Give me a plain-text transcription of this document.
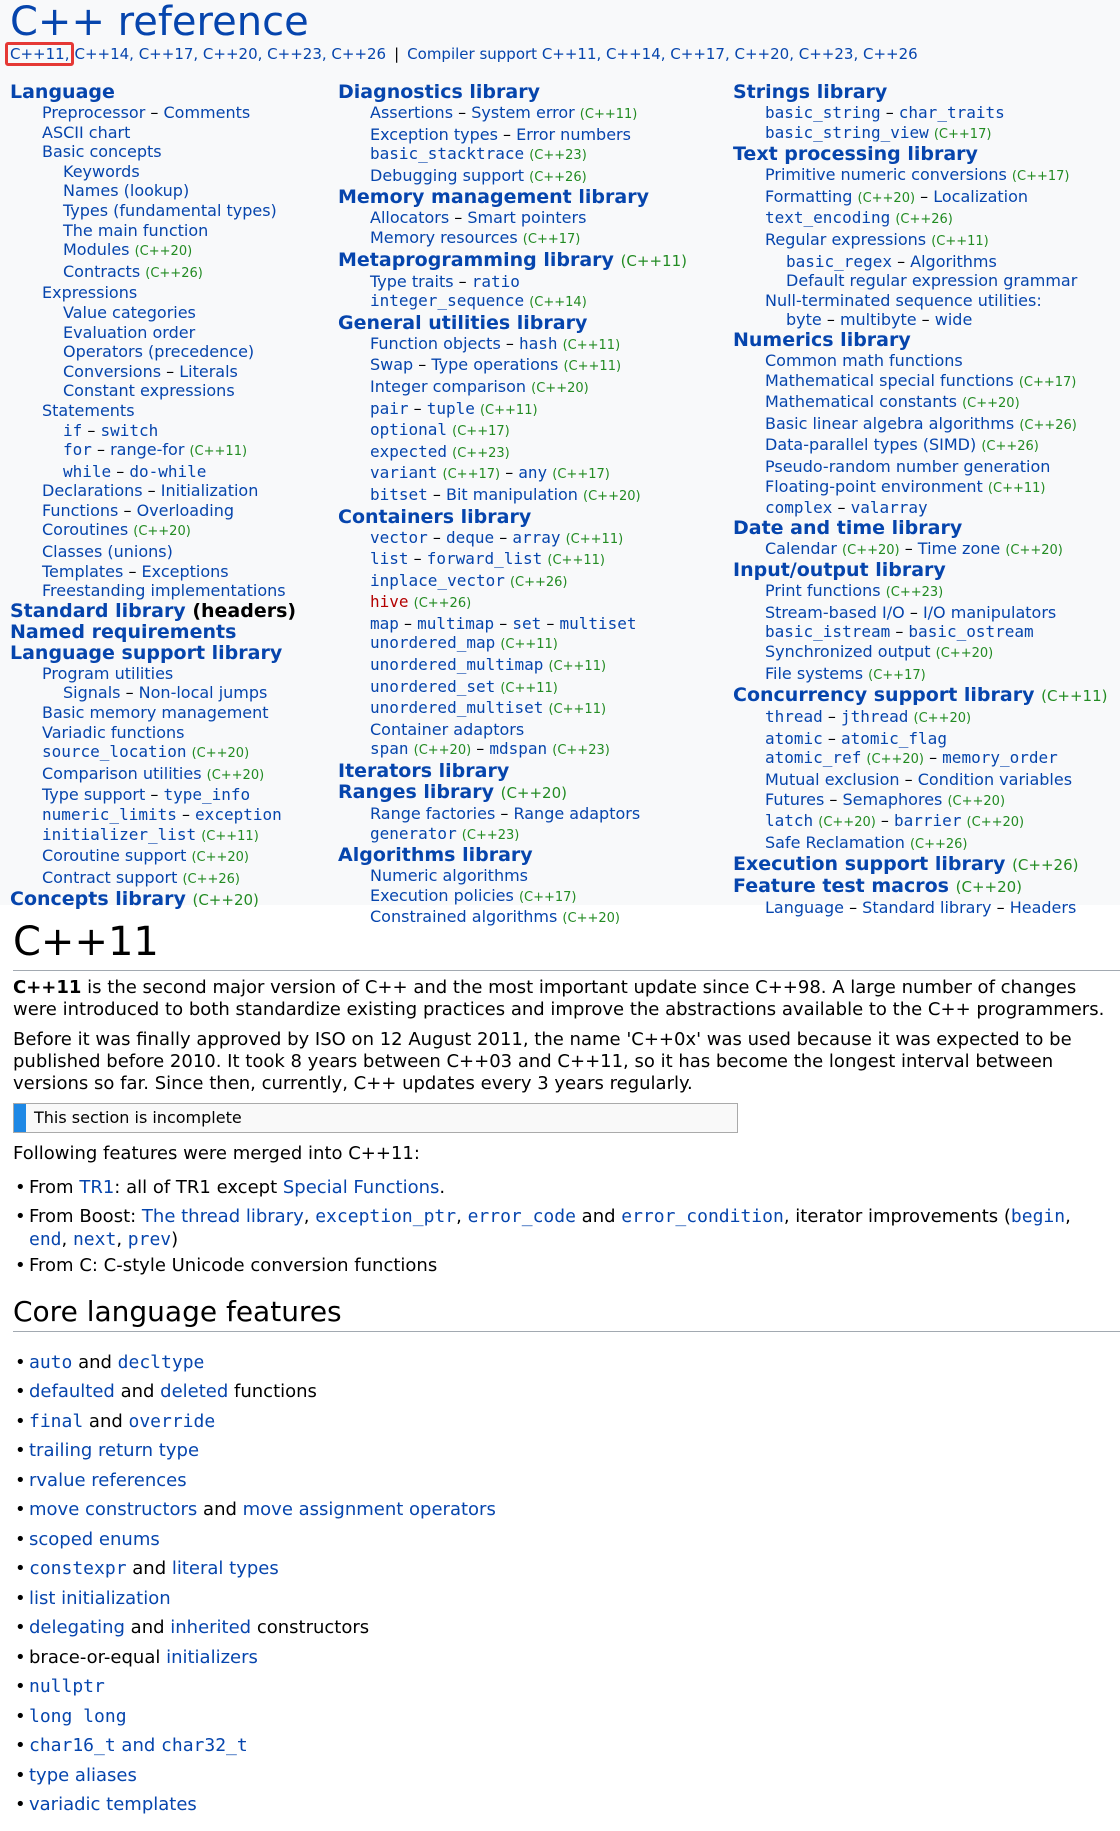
C++ reference
C++11, C++14, C++17, C++20, C++23, C++26 | Compiler support C++11, C++14, C++17, C++20, C++23, C++26
Language
Preprocessor – Comments
ASCII chart
Basic concepts
Keywords
Names (lookup)
Types (fundamental types)
The main function
Modules (C++20)
Contracts (C++26)
Expressions
Value categories
Evaluation order
Operators (precedence)
Conversions – Literals
Constant expressions
Statements
if – switch
for – range-for (C++11)
while – do-while
Declarations – Initialization
Functions – Overloading
Coroutines (C++20)
Classes (unions)
Templates – Exceptions
Freestanding implementations
Standard library (headers)
Named requirements
Language support library
Program utilities
Signals – Non-local jumps
Basic memory management
Variadic functions
source_location (C++20)
Comparison utilities (C++20)
Type support – type_info
numeric_limits – exception
initializer_list (C++11)
Coroutine support (C++20)
Contract support (C++26)
Concepts library (C++20)
Diagnostics library
Assertions – System error (C++11)
Exception types – Error numbers
basic_stacktrace (C++23)
Debugging support (C++26)
Memory management library
Allocators – Smart pointers
Memory resources (C++17)
Metaprogramming library (C++11)
Type traits – ratio
integer_sequence (C++14)
General utilities library
Function objects – hash (C++11)
Swap – Type operations (C++11)
Integer comparison (C++20)
pair – tuple (C++11)
optional (C++17)
expected (C++23)
variant (C++17) – any (C++17)
bitset – Bit manipulation (C++20)
Containers library
vector – deque – array (C++11)
list – forward_list (C++11)
inplace_vector (C++26)
hive (C++26)
map – multimap – set – multiset
unordered_map (C++11)
unordered_multimap (C++11)
unordered_set (C++11)
unordered_multiset (C++11)
Container adaptors
span (C++20) – mdspan (C++23)
Iterators library
Ranges library (C++20)
Range factories – Range adaptors
generator (C++23)
Algorithms library
Numeric algorithms
Execution policies (C++17)
Constrained algorithms (C++20)
Strings library
basic_string – char_traits
basic_string_view (C++17)
Text processing library
Primitive numeric conversions (C++17)
Formatting (C++20) – Localization
text_encoding (C++26)
Regular expressions (C++11)
basic_regex – Algorithms
Default regular expression grammar
Null-terminated sequence utilities:
byte – multibyte – wide
Numerics library
Common math functions
Mathematical special functions (C++17)
Mathematical constants (C++20)
Basic linear algebra algorithms (C++26)
Data-parallel types (SIMD) (C++26)
Pseudo-random number generation
Floating-point environment (C++11)
complex – valarray
Date and time library
Calendar (C++20) – Time zone (C++20)
Input/output library
Print functions (C++23)
Stream-based I/O – I/O manipulators
basic_istream – basic_ostream
Synchronized output (C++20)
File systems (C++17)
Concurrency support library (C++11)
thread – jthread (C++20)
atomic – atomic_flag
atomic_ref (C++20) – memory_order
Mutual exclusion – Condition variables
Futures – Semaphores (C++20)
latch (C++20) – barrier (C++20)
Safe Reclamation (C++26)
Execution support library (C++26)
Feature test macros (C++20)
Language – Standard library – Headers
C++11

C++11 is the second major version of C++ and the most important update since C++98. A large number of changes
were introduced to both standardize existing practices and improve the abstractions available to the C++ programmers.

Before it was finally approved by ISO on 12 August 2011, the name 'C++0x' was used because it was expected to be
published before 2010. It took 8 years between C++03 and C++11, so it has become the longest interval between
versions so far. Since then, currently, C++ updates every 3 years regularly.

This section is incomplete

Following features were merged into C++11:

• From TR1: all of TR1 except Special Functions.
• From Boost: The thread library, exception_ptr, error_code and error_condition, iterator improvements (begin,
end, next, prev)
• From C: C-style Unicode conversion functions
Core language features
• auto and decltype
• defaulted and deleted functions
• final and override
• trailing return type
• rvalue references
• move constructors and move assignment operators
• scoped enums
• constexpr and literal types
• list initialization
• delegating and inherited constructors
• brace-or-equal initializers
• nullptr
• long long
• char16_t and char32_t
• type aliases
• variadic templates
